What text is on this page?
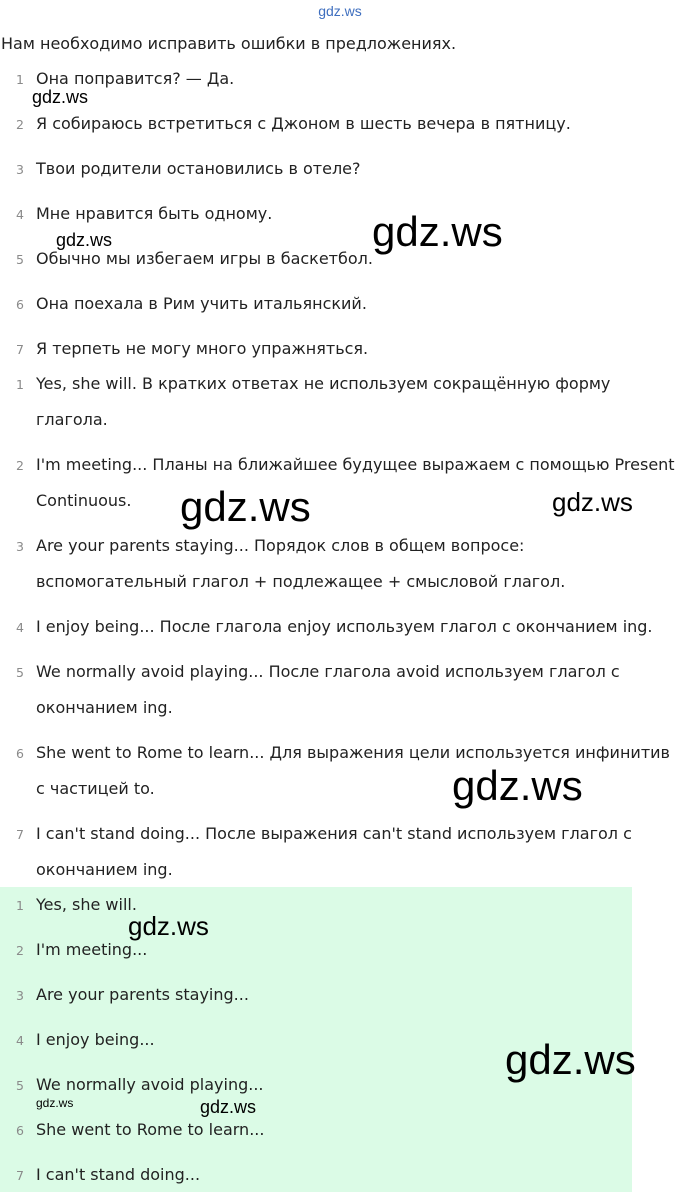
gdz.ws
Нам необходимо исправить ошибки в предложениях.
1 Она поправится? — Да.
2 Я собираюсь встретиться с Джоном в шесть вечера в пятницу.
3 Твои родители остановились в отеле?
4 Мне нравится быть одному.
5 Обычно мы избегаем игры в баскетбол.
6 Она поехала в Рим учить итальянский.
7 Я терпеть не могу много упражняться.
1 Yes, she will. В кратких ответах не используем сокращённую форму глагола.
2 I'm meeting... Планы на ближайшее будущее выражаем с помощью Present Continuous.
3 Are your parents staying... Порядок слов в общем вопросе: вспомогательный глагол + подлежащее + смысловой глагол.
4 I enjoy being... После глагола enjoy используем глагол с окончанием ing.
5 We normally avoid playing... После глагола avoid используем глагол с окончанием ing.
6 She went to Rome to learn... Для выражения цели используется инфинитив с частицей to.
7 I can't stand doing... После выражения can't stand используем глагол с окончанием ing.
1 Yes, she will.
2 I'm meeting...
3 Are your parents staying...
4 I enjoy being...
5 We normally avoid playing...
6 She went to Rome to learn...
7 I can't stand doing...
gdz.ws
gdz.ws
gdz.ws
gdz.ws	gdz.ws
gdz.ws
gdz.ws
gdz.ws
gdz.ws	gdz.ws
